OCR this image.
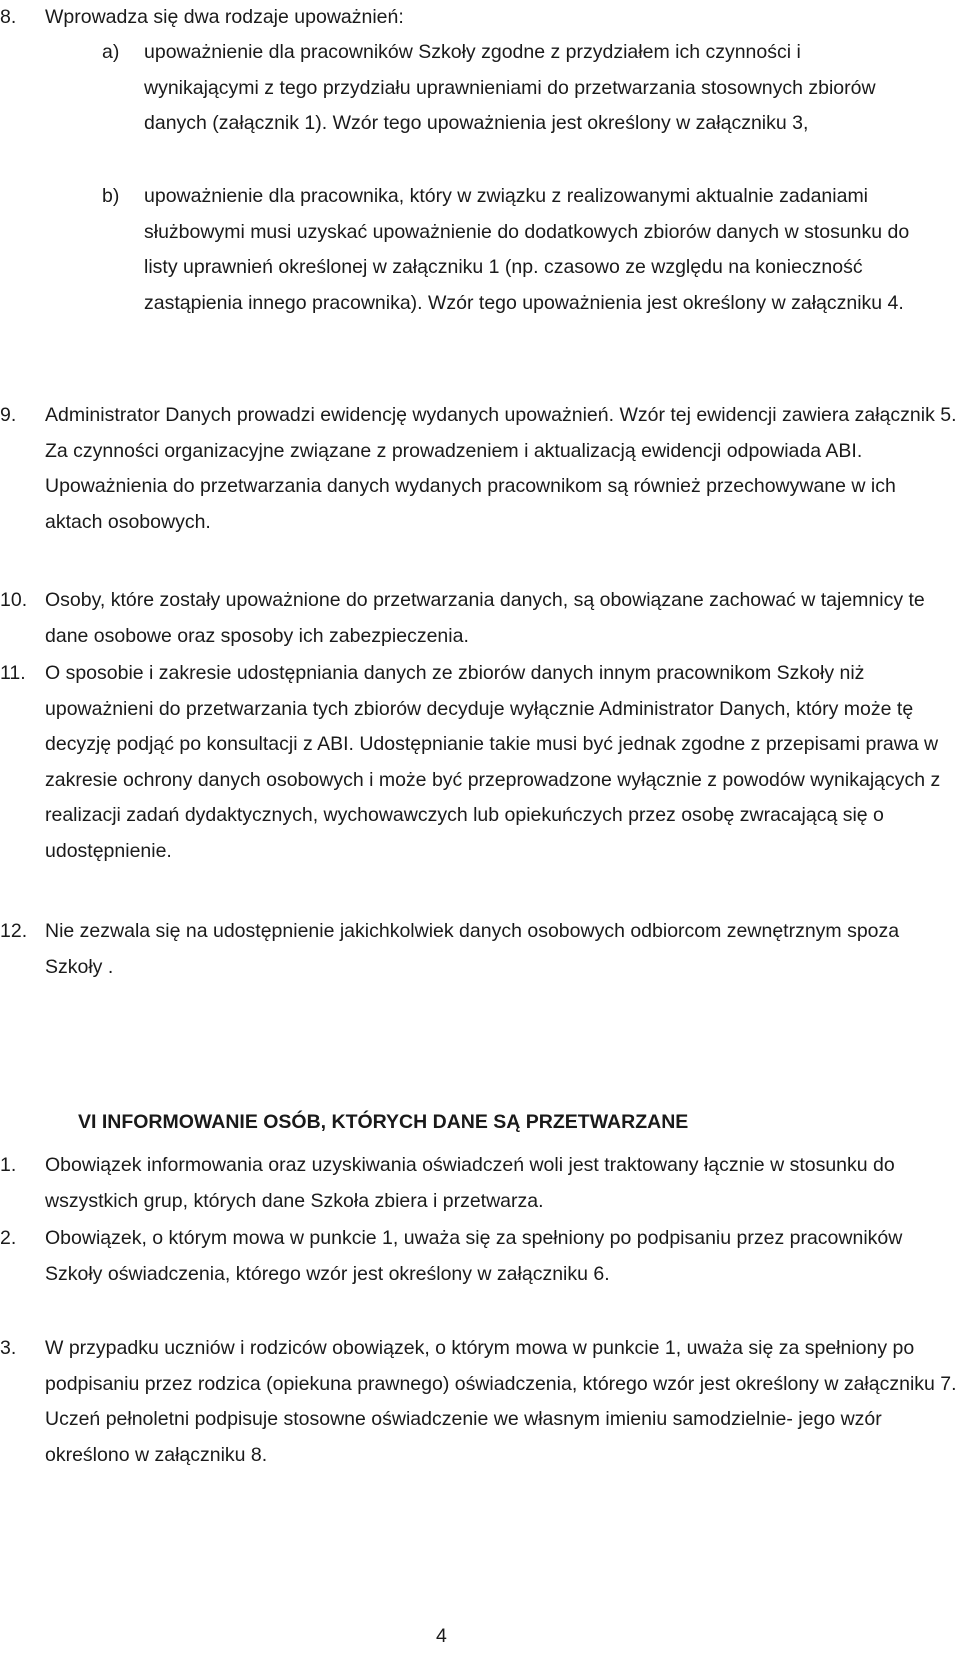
8. Wprowadza się dwa rodzaje upoważnień:
a) upoważnienie dla pracowników Szkoły zgodne z przydziałem ich czynności i wynikającymi z tego przydziału uprawnieniami do przetwarzania stosownych zbiorów danych (załącznik 1). Wzór tego upoważnienia jest określony w załączniku 3,
b) upoważnienie dla pracownika, który w związku z realizowanymi aktualnie zadaniami służbowymi musi uzyskać upoważnienie do dodatkowych zbiorów danych w stosunku do listy uprawnień określonej w załączniku 1 (np. czasowo ze względu na konieczność zastąpienia innego pracownika). Wzór tego upoważnienia jest określony w załączniku 4.
9. Administrator Danych prowadzi ewidencję wydanych upoważnień. Wzór tej ewidencji zawiera załącznik 5. Za czynności organizacyjne związane z prowadzeniem i aktualizacją ewidencji odpowiada ABI. Upoważnienia do przetwarzania danych wydanych pracownikom są również przechowywane w ich aktach osobowych.
10. Osoby, które zostały upoważnione do przetwarzania danych, są obowiązane zachować w tajemnicy te dane osobowe oraz sposoby ich zabezpieczenia.
11. O sposobie i zakresie udostępniania danych ze zbiorów danych innym pracownikom Szkoły niż upoważnieni do przetwarzania tych zbiorów decyduje wyłącznie Administrator Danych, który może tę decyzję podjąć po konsultacji z ABI. Udostępnianie takie musi być jednak zgodne z przepisami prawa w zakresie ochrony danych osobowych i może być przeprowadzone wyłącznie z powodów wynikających z realizacji zadań dydaktycznych, wychowawczych lub opiekuńczych przez osobę zwracającą się o udostępnienie.
12. Nie zezwala się na udostępnienie jakichkolwiek danych osobowych odbiorcom zewnętrznym spoza Szkoły .
VI INFORMOWANIE OSÓB, KTÓRYCH DANE SĄ PRZETWARZANE
1. Obowiązek informowania oraz uzyskiwania oświadczeń woli jest traktowany łącznie w stosunku do wszystkich grup, których dane Szkoła zbiera i przetwarza.
2. Obowiązek, o którym mowa w punkcie 1, uważa się za spełniony po podpisaniu przez pracowników Szkoły oświadczenia, którego wzór jest określony w załączniku 6.
3. W przypadku uczniów i rodziców obowiązek, o którym mowa w punkcie 1, uważa się za spełniony po podpisaniu przez rodzica (opiekuna prawnego) oświadczenia, którego wzór jest określony w załączniku 7. Uczeń pełnoletni podpisuje stosowne oświadczenie we własnym imieniu samodzielnie- jego wzór określono w załączniku 8.
4
